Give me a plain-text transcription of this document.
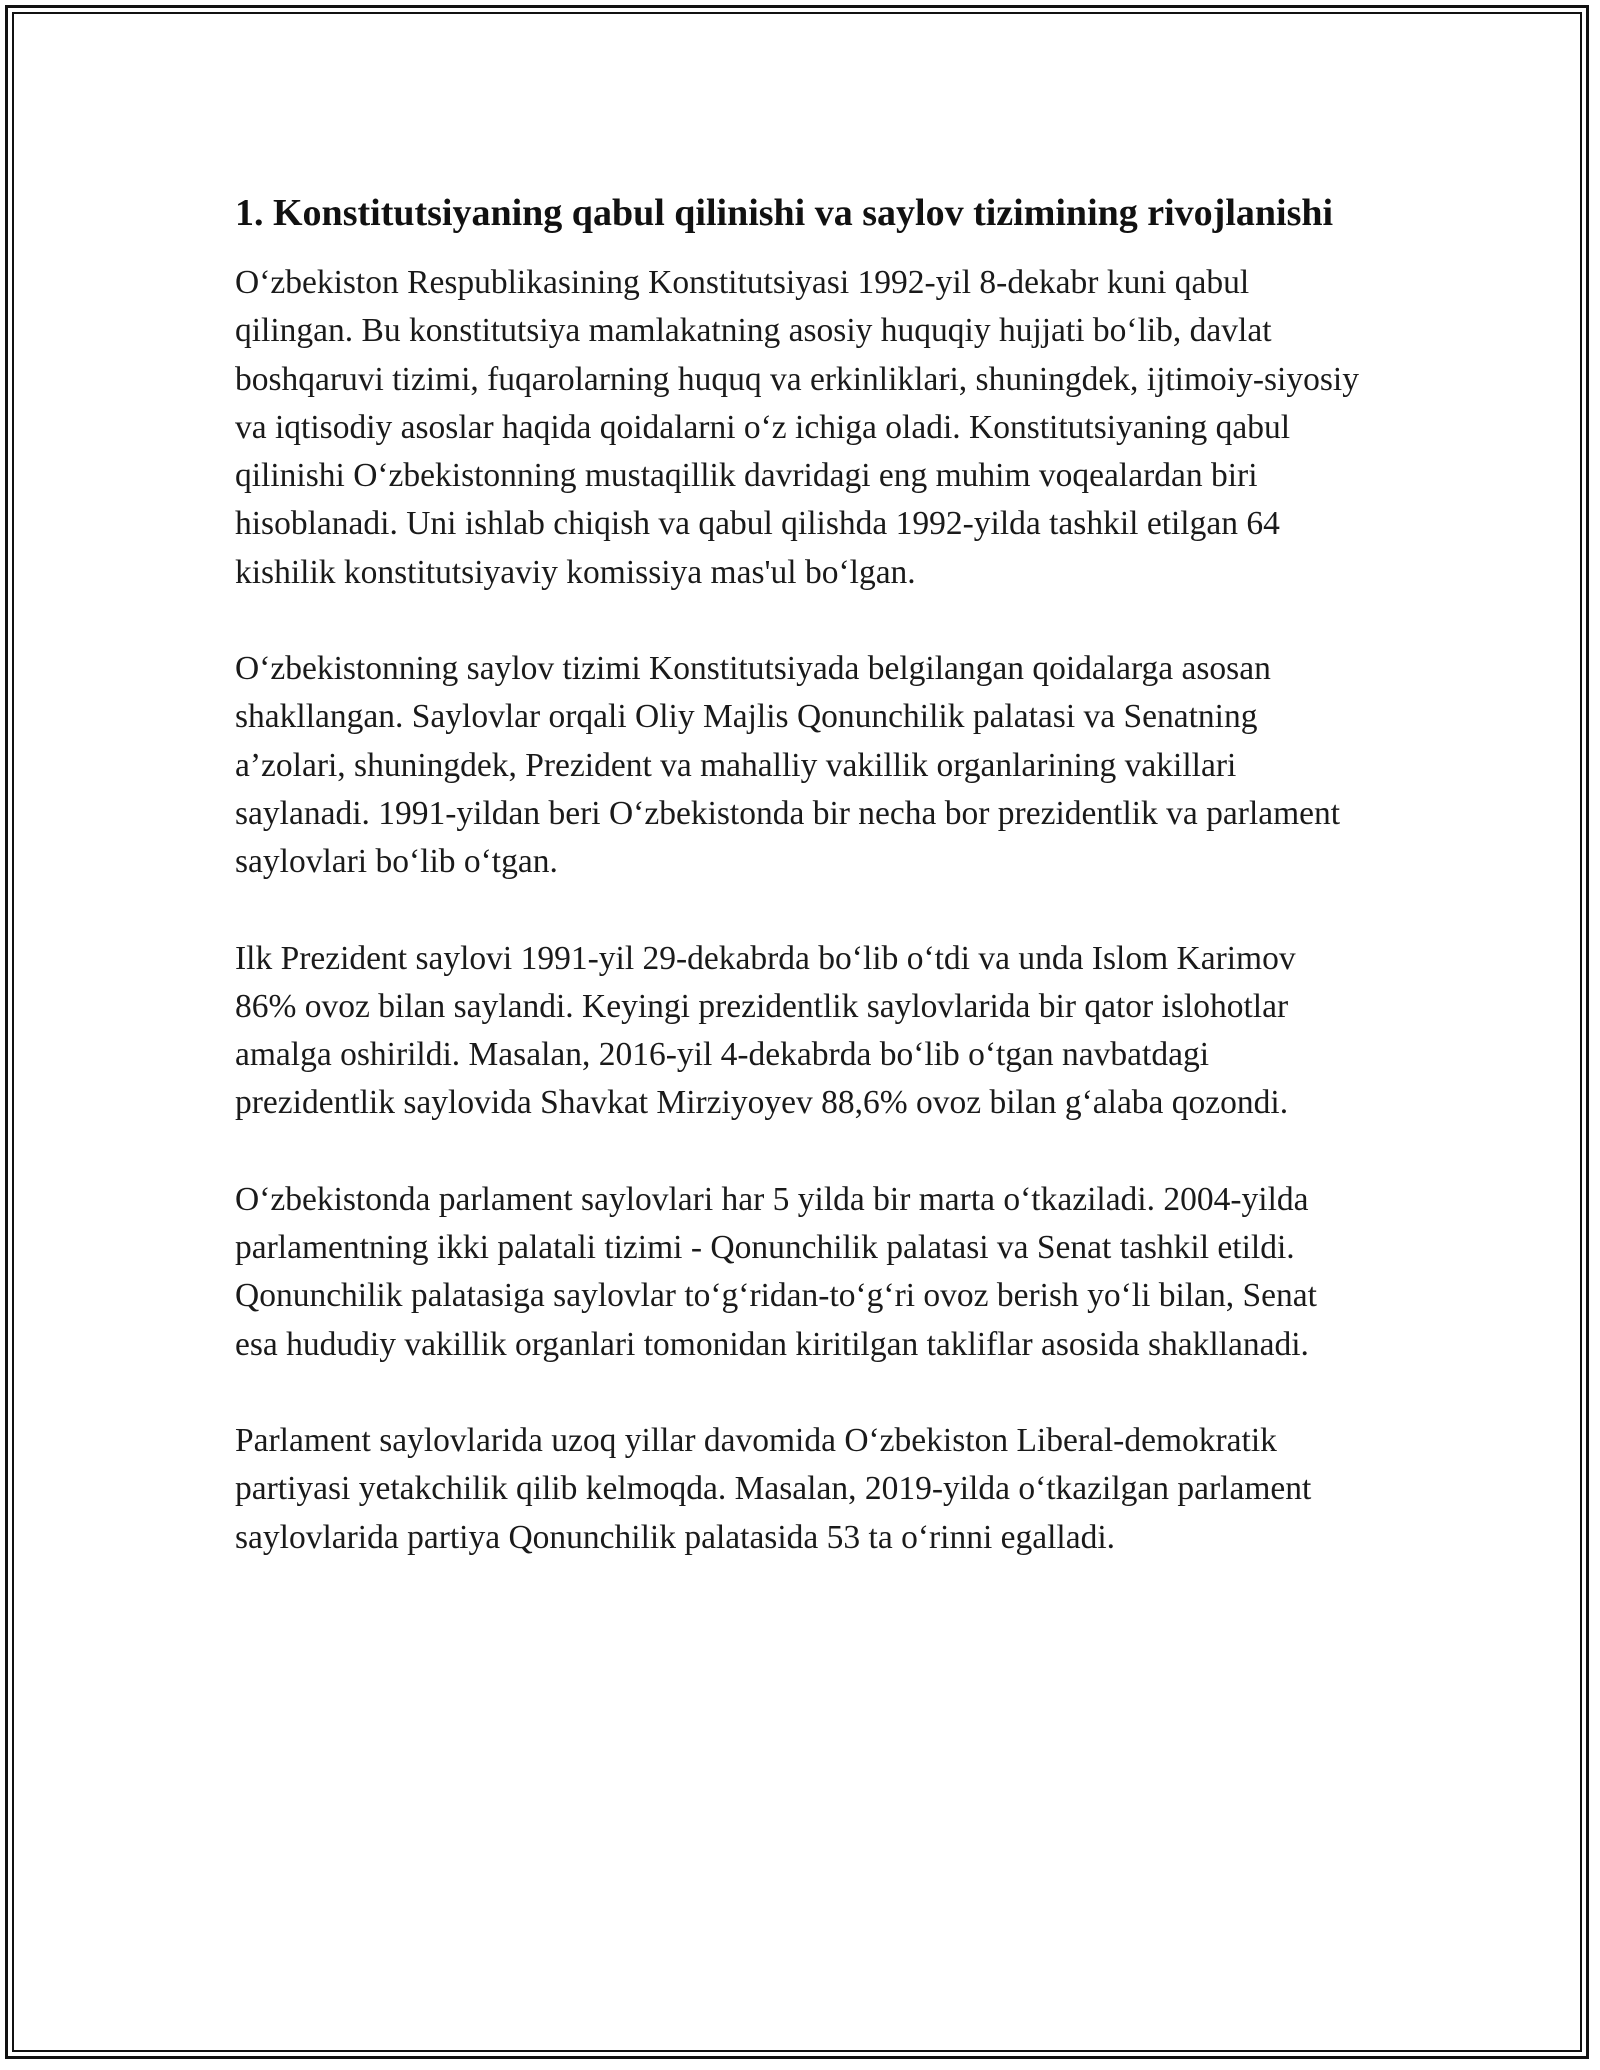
1. Konstitutsiyaning qabul qilinishi va saylov tizimining rivojlanishi

O‘zbekiston Respublikasining Konstitutsiyasi 1992-yil 8-dekabr kuni qabul qilingan. Bu konstitutsiya mamlakatning asosiy huquqiy hujjati bo‘lib, davlat boshqaruvi tizimi, fuqarolarning huquq va erkinliklari, shuningdek, ijtimoiy-siyosiy va iqtisodiy asoslar haqida qoidalarni o‘z ichiga oladi. Konstitutsiyaning qabul qilinishi O‘zbekistonning mustaqillik davridagi eng muhim voqealardan biri hisoblanadi. Uni ishlab chiqish va qabul qilishda 1992-yilda tashkil etilgan 64 kishilik konstitutsiyaviy komissiya mas'ul bo‘lgan.

O‘zbekistonning saylov tizimi Konstitutsiyada belgilangan qoidalarga asosan shakllangan. Saylovlar orqali Oliy Majlis Qonunchilik palatasi va Senatning a’zolari, shuningdek, Prezident va mahalliy vakillik organlarining vakillari saylanadi. 1991-yildan beri O‘zbekistonda bir necha bor prezidentlik va parlament saylovlari bo‘lib o‘tgan.

Ilk Prezident saylovi 1991-yil 29-dekabrda bo‘lib o‘tdi va unda Islom Karimov 86% ovoz bilan saylandi. Keyingi prezidentlik saylovlarida bir qator islohotlar amalga oshirildi. Masalan, 2016-yil 4-dekabrda bo‘lib o‘tgan navbatdagi prezidentlik saylovida Shavkat Mirziyoyev 88,6% ovoz bilan g‘alaba qozondi.

O‘zbekistonda parlament saylovlari har 5 yilda bir marta o‘tkaziladi. 2004-yilda parlamentning ikki palatali tizimi - Qonunchilik palatasi va Senat tashkil etildi. Qonunchilik palatasiga saylovlar to‘g‘ridan-to‘g‘ri ovoz berish yo‘li bilan, Senat esa hududiy vakillik organlari tomonidan kiritilgan takliflar asosida shakllanadi.

Parlament saylovlarida uzoq yillar davomida O‘zbekiston Liberal-demokratik partiyasi yetakchilik qilib kelmoqda. Masalan, 2019-yilda o‘tkazilgan parlament saylovlarida partiya Qonunchilik palatasida 53 ta o‘rinni egalladi.
